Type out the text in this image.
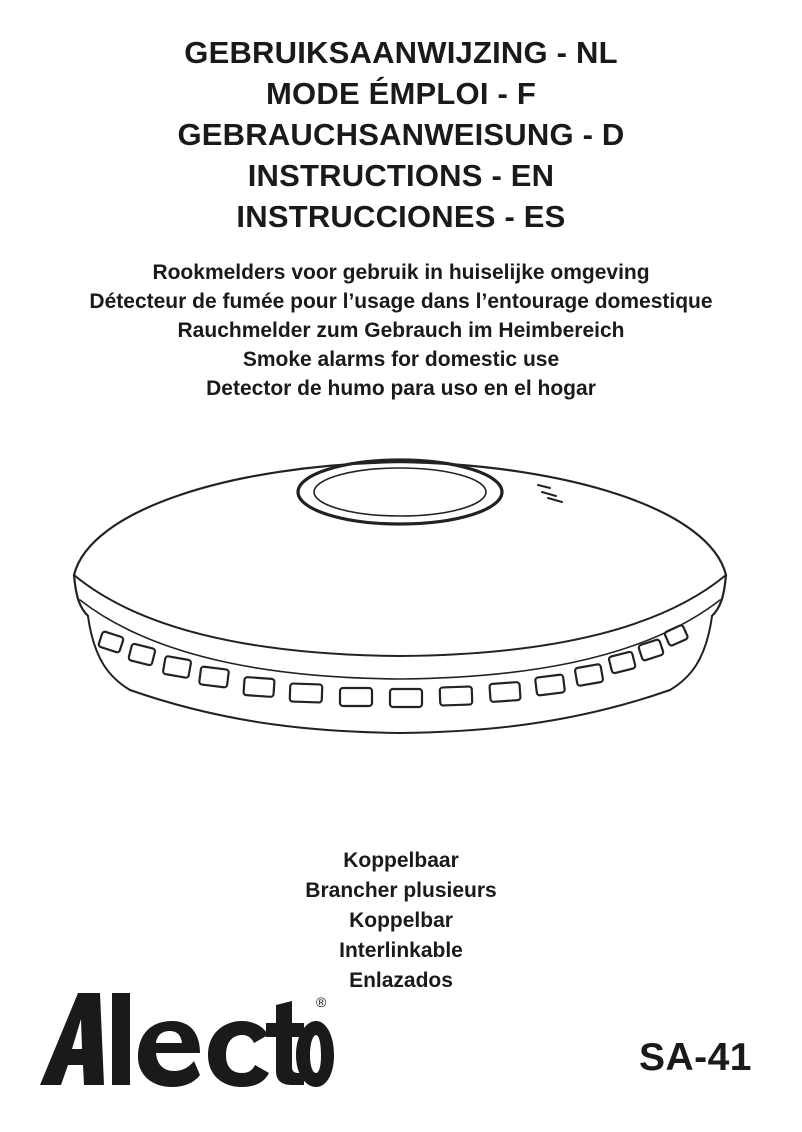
GEBRUIKSAANWIJZING - NL
MODE ÉMPLOI - F
GEBRAUCHSANWEISUNG - D
INSTRUCTIONS - EN
INSTRUCCIONES - ES
Rookmelders voor gebruik in huiselijke omgeving
Détecteur de fumée pour l’usage dans l’entourage domestique
Rauchmelder zum Gebrauch im Heimbereich
Smoke alarms for domestic use
Detector de humo para uso en el hogar
Koppelbaar
Brancher plusieurs
Koppelbar
Interlinkable
Enlazados
®
SA-41
